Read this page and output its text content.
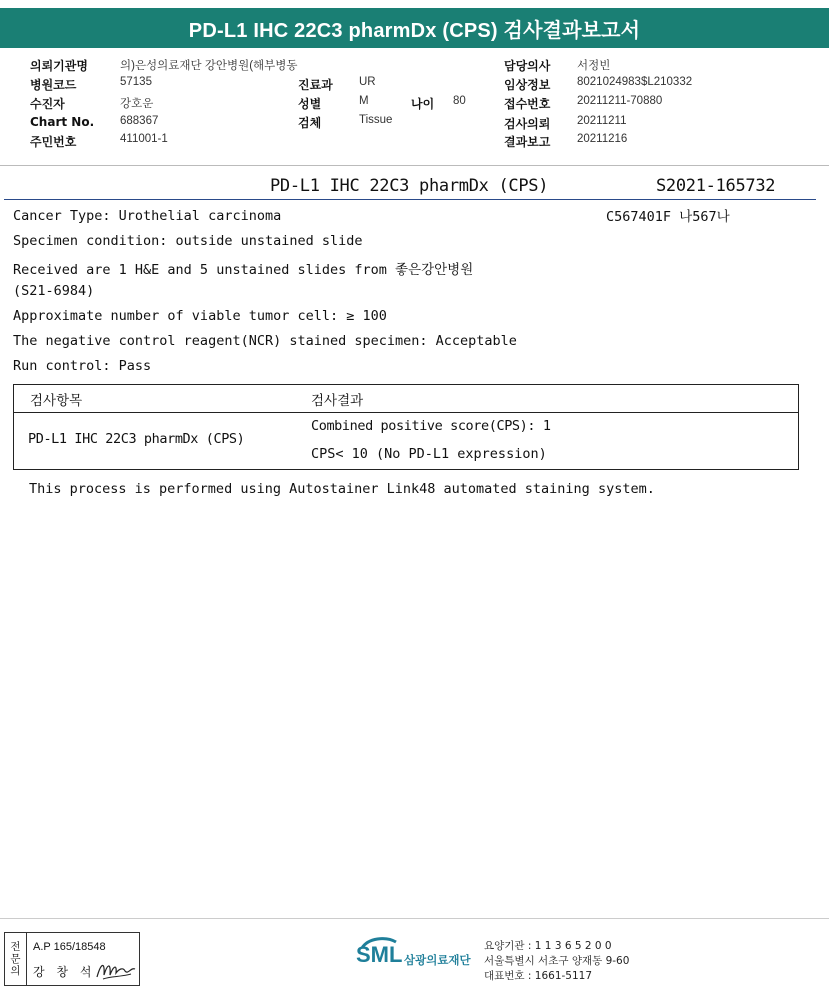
PD-L1 IHC 22C3 pharmDx (CPS) 검사결과보고서
의뢰기관명	의)은성의료재단 강안병원(해부병동	담당의사 서정빈
병원코드	57135	진료과 UR	임상정보 8021024983$L210332
수진자	강호운	성별	M	나이 80	접수번호 20211211-70880
Chart No. 688367	검체	Tissue	검사의뢰 20211211
주민번호	411001-1	결과보고 20211216
PD-L1 IHC 22C3 pharmDx (CPS)	S2021-165732
C567401F 나567나
Cancer Type: Urothelial carcinoma
Specimen condition: outside unstained slide
Received are 1 H&E and 5 unstained slides from 좋은강안병원
(S21-6984)
Approximate number of viable tumor cell: ≥ 100
The negative control reagent(NCR) stained specimen: Acceptable
Run control: Pass
검사항목	검사결과
PD-L1 IHC 22C3 pharmDx (CPS)
Combined positive score(CPS): 1
CPS< 10 (No PD-L1 expression)
This process is performed using Autostainer Link48 automated staining system.
전
문
의
A.P 165/18548
강 창 석
SML 삼광의료재단
요양기관 : 1 1 3 6 5 2 0 0
서울특별시 서초구 양재동 9-60
대표번호 : 1661-5117
